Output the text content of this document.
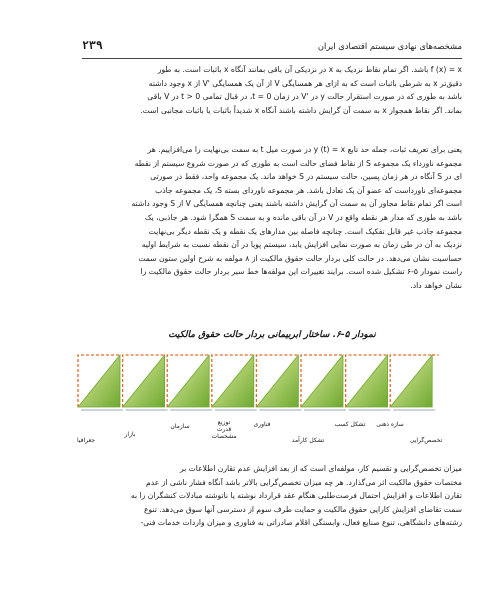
مشخصه‌های نهادی سیستم اقتصادی ایران
۲۳۹
f (x) = x باشد. اگر تمام نقاط نزدیک به x در نزدیکی آن باقی بمانند آنگاه x باثبات است. به طور
دقیق‌تر x به شرطی باثبات است که به ازای هر همسایگی V از آن یک همسایگی 'V از x وجود داشته
باشد به طوری که در صورت استقرار حالت y در 'V در زمان t = 0، در قبال تمامی t > 0 در V باقی
بماند. اگر نقاط همجوار x به سمت آن گرایش داشته باشند آنگاه x شدیداً باثبات یا باثبات مجانبی است.
یعنی برای تعریف ثبات، جمله حد تابع y (t) = x در صورت میل t به سمت بی‌نهایت را می‌افزاییم. هر
مجموعه ناورداء یک مجموعه S از نقاط فضای حالت است به طوری که در صورت شروع سیستم از نقطه‌
ای در S آنگاه در هر زمان پسین، حالت سیستم در S خواهد ماند. یک مجموعه واحد، فقط در صورتی
مجموعه‌ای ناورداست که عضو آن یک تعادل باشد. هر مجموعه ناوردای بسته S، یک مجموعه جاذب
است اگر تمام نقاط مجاور آن به سمت آن گرایش داشته باشند یعنی چنانچه همسایگی V از S وجود داشته
باشد به طوری که مدار هر نقطه واقع در V در آن باقی مانده و به سمت S همگرا شود. هر جاذبی، یک
مجموعه جاذب غیر قابل تفکیک است. چنانچه فاصله بین مدارهای یک نقطه و یک نقطه دیگر بی‌نهایت
نزدیک به آن در طی زمان به صورت نمایی افزایش یابد، سیستم پویا در آن نقطه نسبت به شرایط اولیه
حساسیت نشان می‌دهد. در حالت کلی بردار حالت حقوق مالکیت از ۸ مولفه به شرح اولین ستون سمت
راست نمودار ۵-۶ تشکیل شده است. برایند تغییرات این مولفه‌ها خط سیر بردار حالت حقوق مالکیت را
نشان خواهد داد.
نمودار ۵-۶. ساختار ابربیمانی بردار حالت حقوق مالکیت
تخصص‌گرایی
سازه ذهنی
تشکل کسب
تشکل کارآمد
فناوری
توزیع
قدرت
مشخصات
سازمان
بازار
جغرافیا
میزان تخصص‌گرایی و تقسیم کار، مولفه‌ای است که از بعد افزایش عدم تقارن اطلاعات بر
مختصات حقوق مالکیت اثر می‌گذارد. هر چه میزان تخصص‌گرایی بالاتر باشد آنگاه فشار ناشی از عدم
تقارن اطلاعات و افزایش احتمال فرصت‌طلبی هنگام عقد قرارداد نوشته یا ناتوشته مبادلات کنشگران را به
سمت تقاضای افزایش کارایی حقوق مالکیت و حمایت طرف سوم از دسترسی آنها سوق می‌دهد. تنوع
رشته‌های دانشگاهی، تنوع صنایع فعال، وابستگی اقلام صادراتی به فناوری و میزان واردات خدمات فنی-
